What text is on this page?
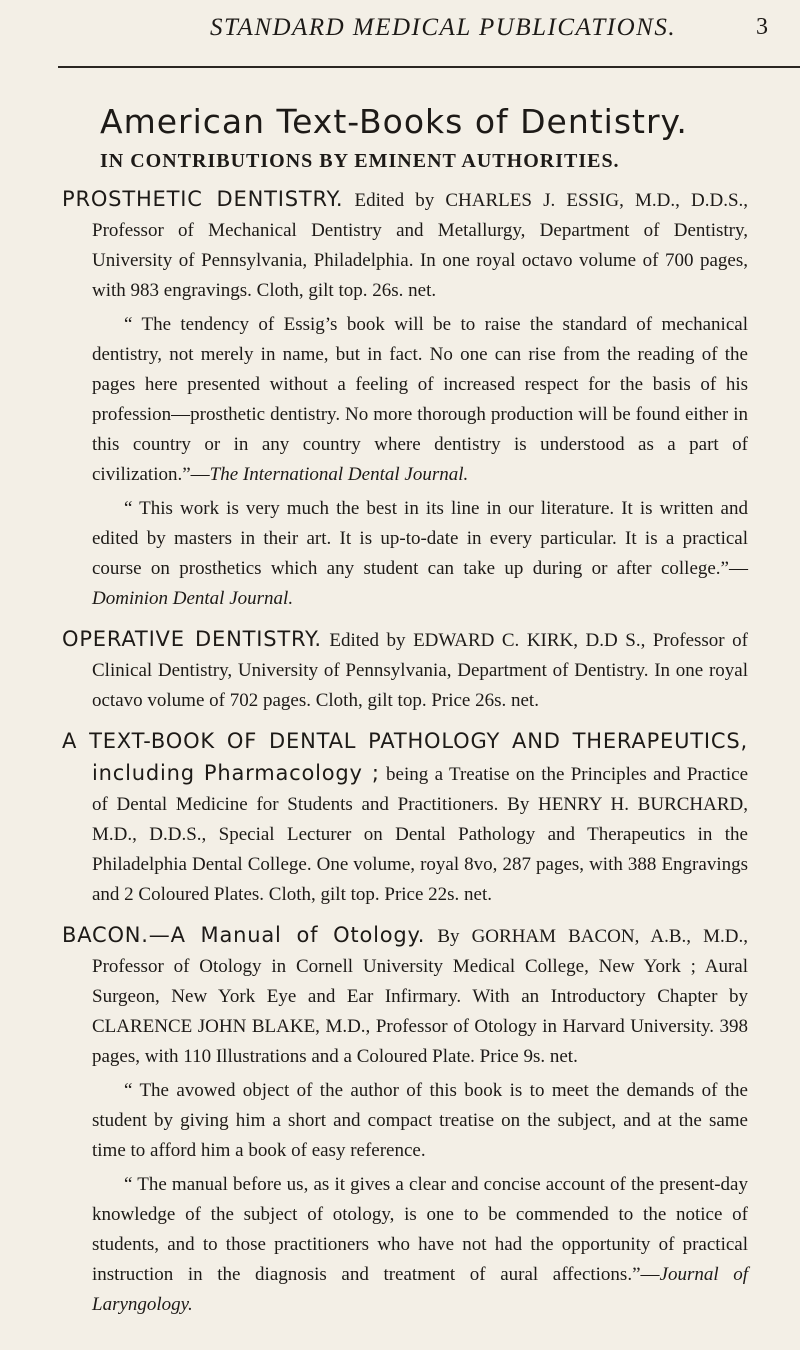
STANDARD MEDICAL PUBLICATIONS.	3
American Text-Books of Dentistry.
IN CONTRIBUTIONS BY EMINENT AUTHORITIES.

PROSTHETIC DENTISTRY. Edited by CHARLES J. ESSIG, M.D., D.D.S., Professor of Mechanical Dentistry and Metallurgy, Department of Dentistry, University of Pennsylvania, Philadelphia. In one royal octavo volume of 700 pages, with 983 engravings. Cloth, gilt top. 26s. net.

“ The tendency of Essig’s book will be to raise the standard of mechanical dentistry, not merely in name, but in fact. No one can rise from the reading of the pages here presented without a feeling of increased respect for the basis of his profession—prosthetic dentistry. No more thorough production will be found either in this country or in any country where dentistry is understood as a part of civilization.”—The International Dental Journal.

“ This work is very much the best in its line in our literature. It is written and edited by masters in their art. It is up-to-date in every particular. It is a practical course on prosthetics which any student can take up during or after college.”—Dominion Dental Journal.

OPERATIVE DENTISTRY. Edited by EDWARD C. KIRK, D.D S., Professor of Clinical Dentistry, University of Pennsylvania, Department of Dentistry. In one royal octavo volume of 702 pages. Cloth, gilt top. Price 26s. net.

A TEXT-BOOK OF DENTAL PATHOLOGY AND THERAPEUTICS, including Pharmacology ; being a Treatise on the Principles and Practice of Dental Medicine for Students and Practitioners. By HENRY H. BURCHARD, M.D., D.D.S., Special Lecturer on Dental Pathology and Therapeutics in the Philadelphia Dental College. One volume, royal 8vo, 287 pages, with 388 Engravings and 2 Coloured Plates. Cloth, gilt top. Price 22s. net.

BACON.—A Manual of Otology. By GORHAM BACON, A.B., M.D., Professor of Otology in Cornell University Medical College, New York ; Aural Surgeon, New York Eye and Ear Infirmary. With an Introductory Chapter by CLARENCE JOHN BLAKE, M.D., Professor of Otology in Harvard University. 398 pages, with 110 Illustrations and a Coloured Plate. Price 9s. net.

“ The avowed object of the author of this book is to meet the demands of the student by giving him a short and compact treatise on the subject, and at the same time to afford him a book of easy reference.

“ The manual before us, as it gives a clear and concise account of the present-day knowledge of the subject of otology, is one to be commended to the notice of students, and to those practitioners who have not had the opportunity of practical instruction in the diagnosis and treatment of aural affections.”—Journal of Laryngology.
